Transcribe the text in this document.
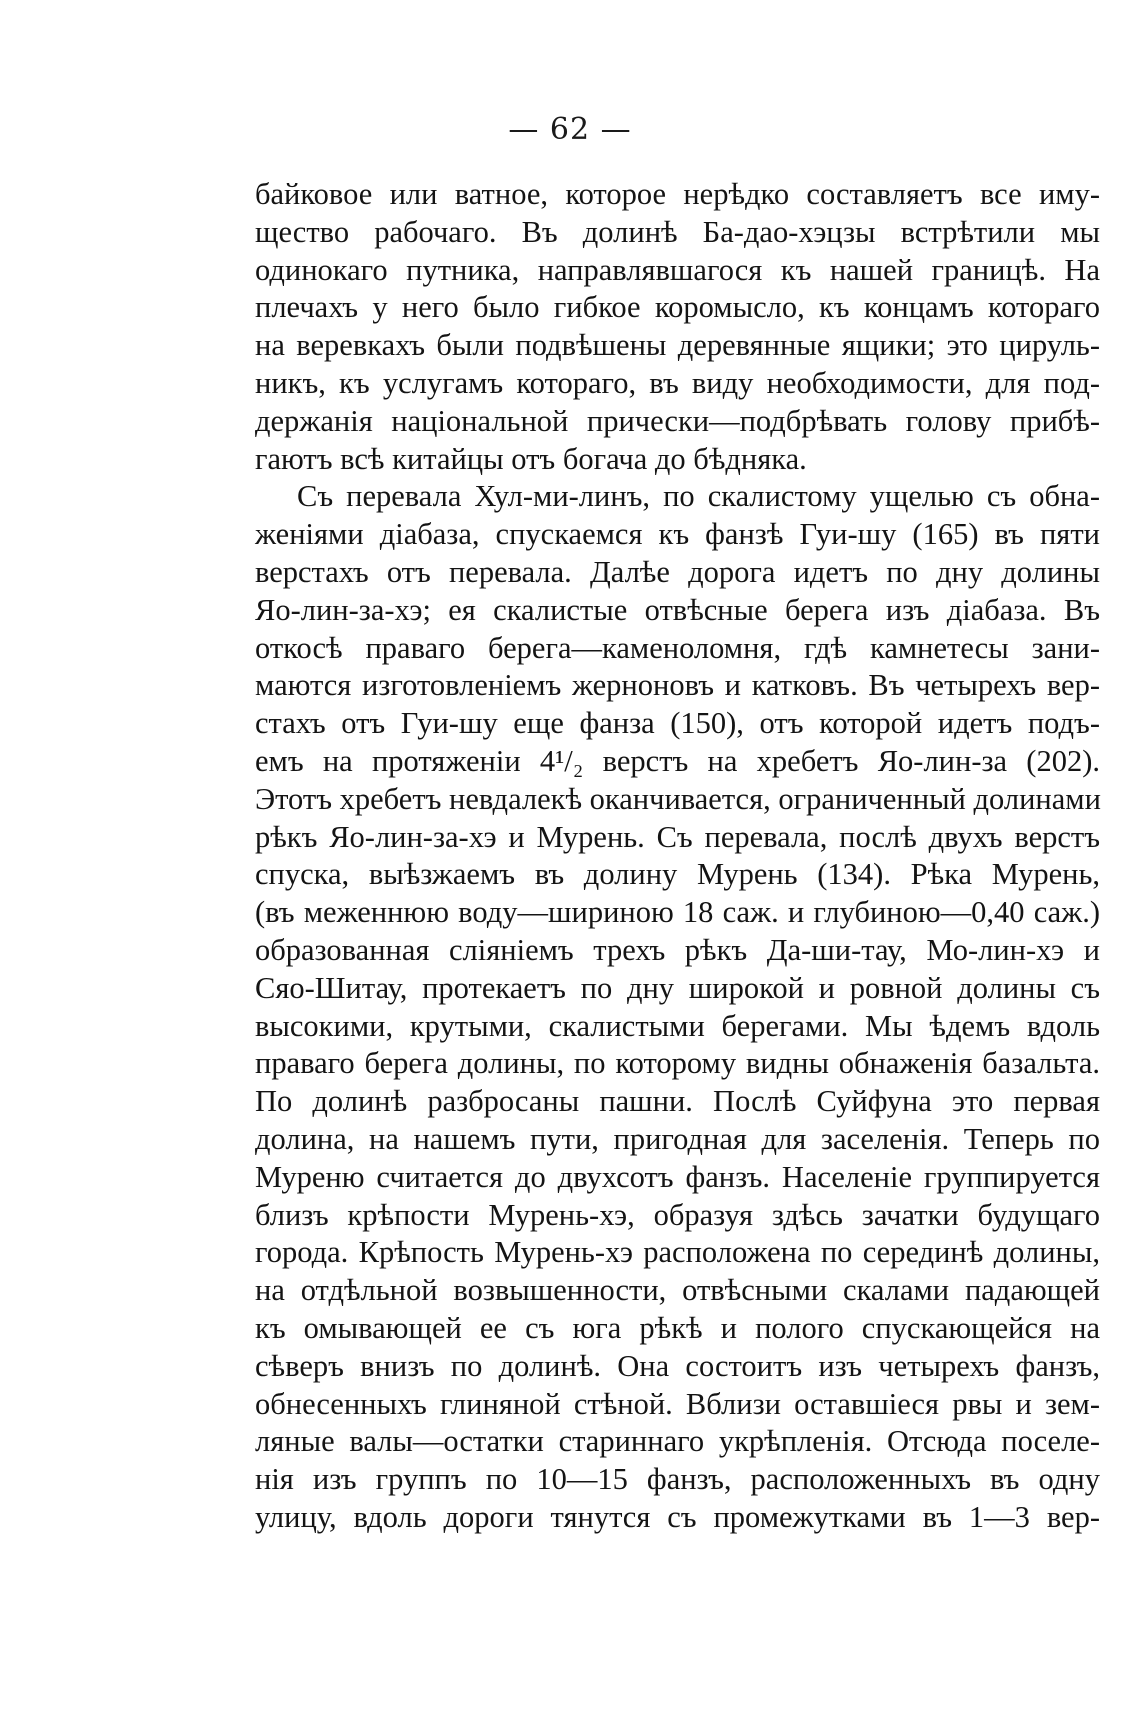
— 62 —
байковое или ватное, которое нерѣдко составляетъ все иму-
щество рабочаго. Въ долинѣ Ба-дао-хэцзы встрѣтили мы
одинокаго путника, направлявшагося къ нашей границѣ. На
плечахъ у него было гибкое коромысло, къ концамъ котораго
на веревкахъ были подвѣшены деревянные ящики; это цируль-
никъ, къ услугамъ котораго, въ виду необходимости, для под-
держанія національной прически—подбрѣвать голову прибѣ-
гаютъ всѣ китайцы отъ богача до бѣдняка.
Съ перевала Хул-ми-линъ, по скалистому ущелью съ обна-
женіями діабаза, спускаемся къ фанзѣ Гуи-шу (165) въ пяти
верстахъ отъ перевала. Далѣе дорога идетъ по дну долины
Яо-лин-за-хэ; ея скалистые отвѣсные берега изъ діабаза. Въ
откосѣ праваго берега—каменоломня, гдѣ камнетесы зани-
маются изготовленіемъ жерноновъ и катковъ. Въ четырехъ вер-
стахъ отъ Гуи-шу еще фанза (150), отъ которой идетъ подъ-
емъ на протяженіи 4¹/₂ верстъ на хребетъ Яо-лин-за (202).
Этотъ хребетъ невдалекѣ оканчивается, ограниченный долинами
рѣкъ Яо-лин-за-хэ и Мурень. Съ перевала, послѣ двухъ верстъ
спуска, выѣзжаемъ въ долину Мурень (134). Рѣка Мурень,
(въ меженнюю воду—шириною 18 саж. и глубиною—0,40 саж.)
образованная сліяніемъ трехъ рѣкъ Да-ши-тау, Мо-лин-хэ и
Сяо-Шитау, протекаетъ по дну широкой и ровной долины съ
высокими, крутыми, скалистыми берегами. Мы ѣдемъ вдоль
праваго берега долины, по которому видны обнаженія базальта.
По долинѣ разбросаны пашни. Послѣ Суйфуна это первая
долина, на нашемъ пути, пригодная для заселенія. Теперь по
Муреню считается до двухсотъ фанзъ. Населеніе группируется
близъ крѣпости Мурень-хэ, образуя здѣсь зачатки будущаго
города. Крѣпость Мурень-хэ расположена по серединѣ долины,
на отдѣльной возвышенности, отвѣсными скалами падающей
къ омывающей ее съ юга рѣкѣ и полого спускающейся на
сѣверъ внизъ по долинѣ. Она состоитъ изъ четырехъ фанзъ,
обнесенныхъ глиняной стѣной. Вблизи оставшіеся рвы и зем-
ляные валы—остатки стариннаго укрѣпленія. Отсюда поселе-
нія изъ группъ по 10—15 фанзъ, расположенныхъ въ одну
улицу, вдоль дороги тянутся съ промежутками въ 1—3 вер-
